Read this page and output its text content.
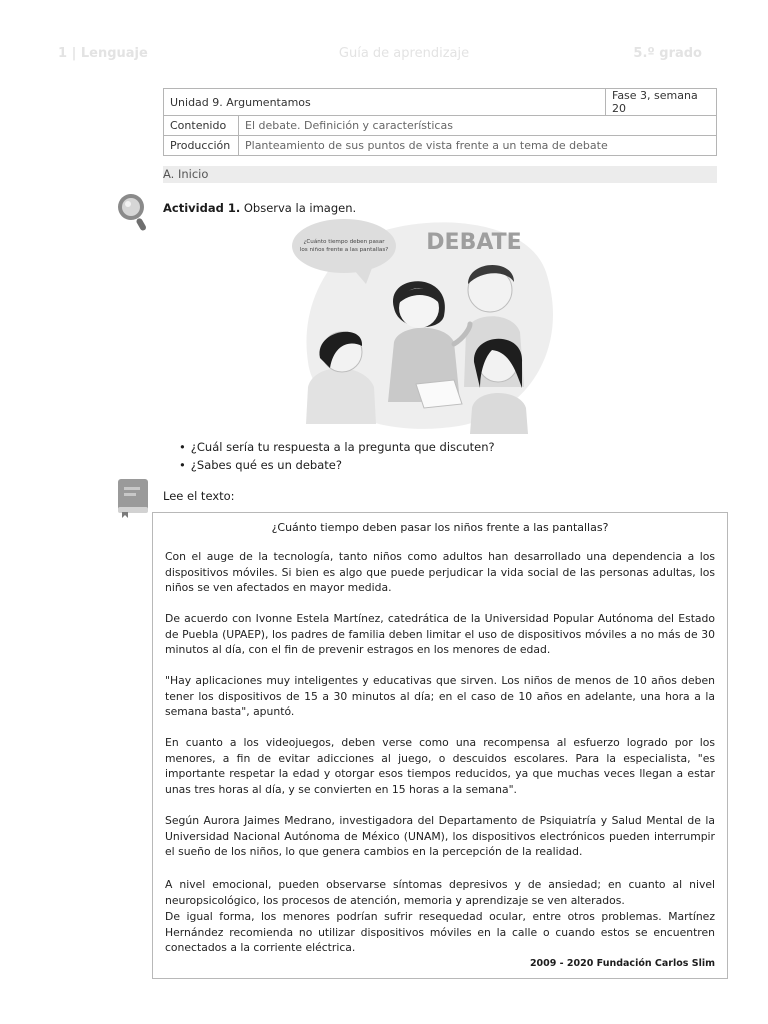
1 | Lenguaje	Guía de aprendizaje	5.º grado
Unidad 9. Argumentamos		Fase 3, semana 20
Contenido	El debate. Definición y características	
Producción	Planteamiento de sus puntos de vista frente a un tema de debate	
A. Inicio
Actividad 1. Observa la imagen.
¿Cuánto tiempo deben pasar
los niños frente a las pantallas? DEBATE
• ¿Cuál sería tu respuesta a la pregunta que discuten?
• ¿Sabes qué es un debate?
Lee el texto:
¿Cuánto tiempo deben pasar los niños frente a las pantallas?

Con el auge de la tecnología, tanto niños como adultos han desarrollado una dependencia a los dispositivos móviles. Si bien es algo que puede perjudicar la vida social de las personas adultas, los niños se ven afectados en mayor medida.

De acuerdo con Ivonne Estela Martínez, catedrática de la Universidad Popular Autónoma del Estado de Puebla (UPAEP), los padres de familia deben limitar el uso de dispositivos móviles a no más de 30 minutos al día, con el fin de prevenir estragos en los menores de edad.

"Hay aplicaciones muy inteligentes y educativas que sirven. Los niños de menos de 10 años deben tener los dispositivos de 15 a 30 minutos al día; en el caso de 10 años en adelante, una hora a la semana basta", apuntó.

En cuanto a los videojuegos, deben verse como una recompensa al esfuerzo logrado por los menores, a fin de evitar adicciones al juego, o descuidos escolares. Para la especialista, "es importante respetar la edad y otorgar esos tiempos reducidos, ya que muchas veces llegan a estar unas tres horas al día, y se convierten en 15 horas a la semana".

Según Aurora Jaimes Medrano, investigadora del Departamento de Psiquiatría y Salud Mental de la Universidad Nacional Autónoma de México (UNAM), los dispositivos electrónicos pueden interrumpir el sueño de los niños, lo que genera cambios en la percepción de la realidad.

A nivel emocional, pueden observarse síntomas depresivos y de ansiedad; en cuanto al nivel neuropsicológico, los procesos de atención, memoria y aprendizaje se ven alterados.

De igual forma, los menores podrían sufrir resequedad ocular, entre otros problemas. Martínez Hernández recomienda no utilizar dispositivos móviles en la calle o cuando estos se encuentren conectados a la corriente eléctrica.

2009 - 2020 Fundación Carlos Slim
